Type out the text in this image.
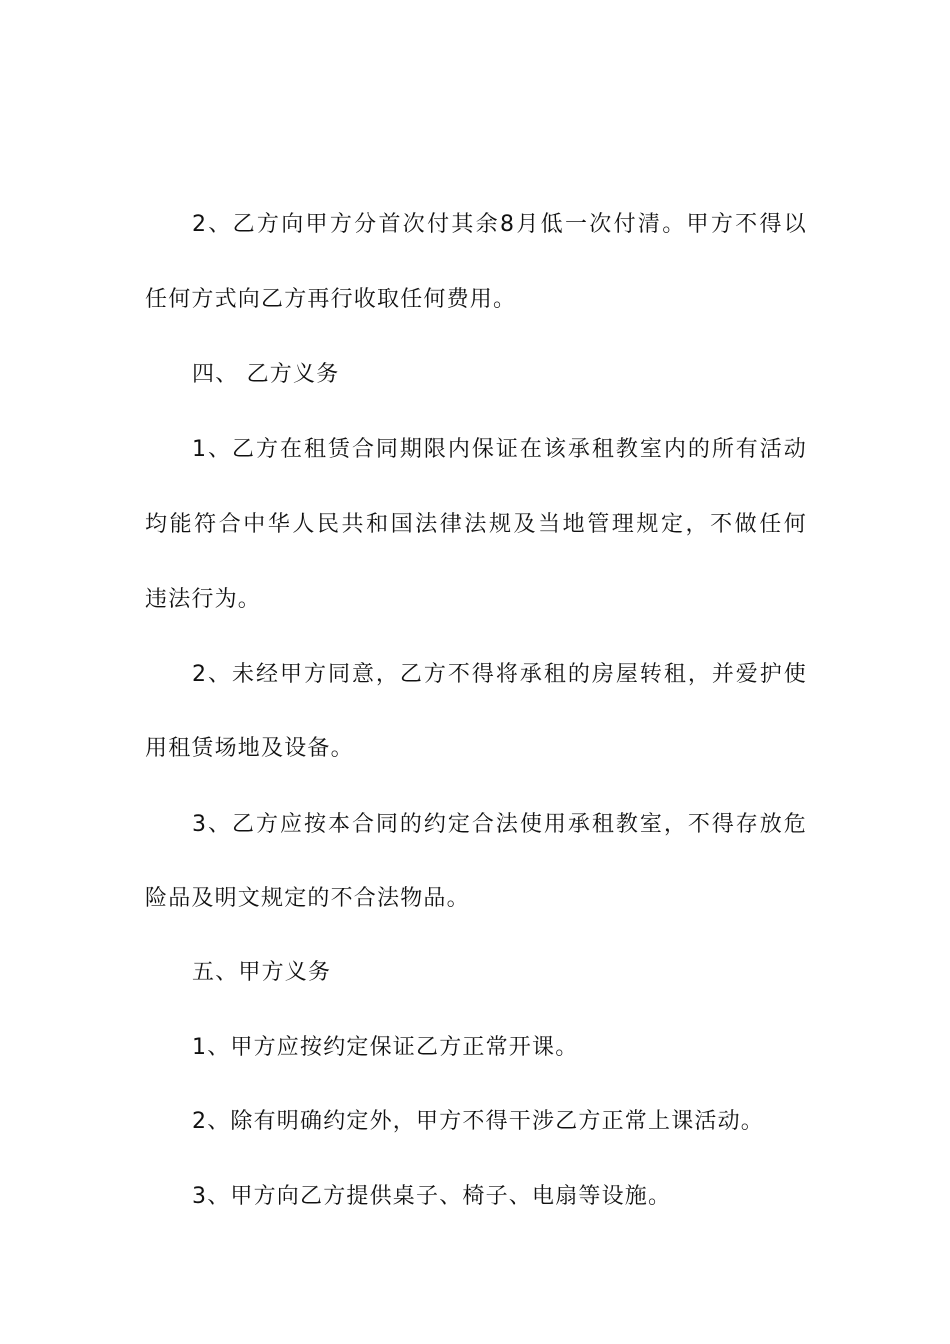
2、乙方向甲方分首次付其余8月低一次付清。甲方不得以
任何方式向乙方再行收取任何费用。
四、 乙方义务
1、乙方在租赁合同期限内保证在该承租教室内的所有活动
均能符合中华人民共和国法律法规及当地管理规定，不做任何
违法行为。
2、未经甲方同意，乙方不得将承租的房屋转租，并爱护使
用租赁场地及设备。
3、乙方应按本合同的约定合法使用承租教室，不得存放危
险品及明文规定的不合法物品。
五、甲方义务
1、甲方应按约定保证乙方正常开课。
2、除有明确约定外，甲方不得干涉乙方正常上课活动。
3、甲方向乙方提供桌子、椅子、电扇等设施。
